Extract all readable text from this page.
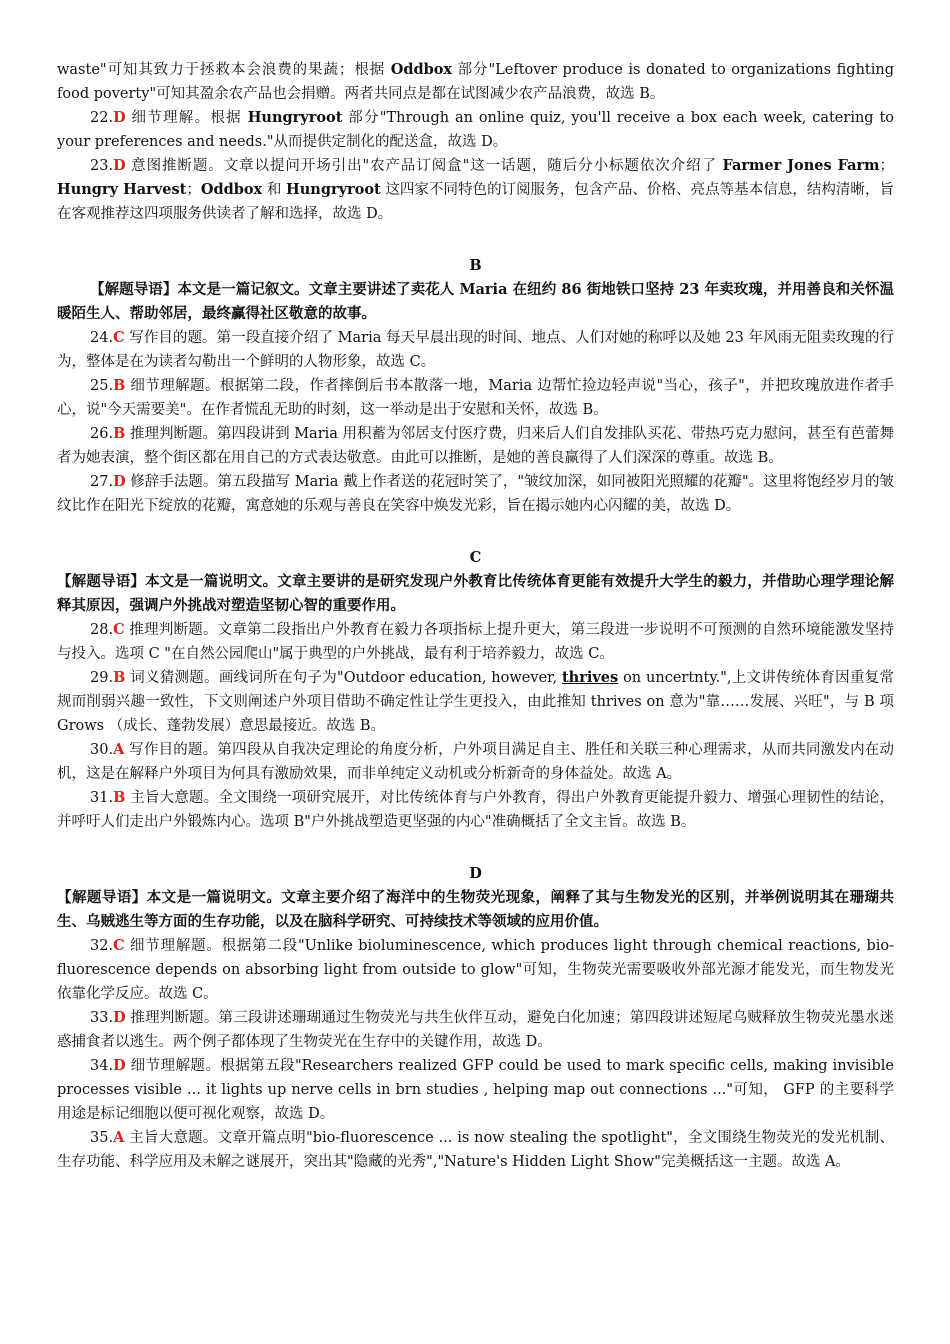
waste"可知其致力于拯救本会浪费的果蔬；根据 Oddbox 部分"Leftover produce is donated to organizations fighting food poverty"可知其盈余农产品也会捐赠。两者共同点是都在试图减少农产品浪费，故选 B。

22.D 细节理解。根据 Hungryroot 部分"Through an online quiz, you'll receive a box each week, catering to your preferences and needs."从而提供定制化的配送盒，故选 D。

23.D 意图推断题。文章以提问开场引出"农产品订阅盒"这一话题，随后分小标题依次介绍了 Farmer Jones Farm；Hungry Harvest；Oddbox 和 Hungryroot 这四家不同特色的订阅服务，包含产品、价格、亮点等基本信息，结构清晰，旨在客观推荐这四项服务供读者了解和选择，故选 D。

B

【解题导语】本文是一篇记叙文。文章主要讲述了卖花人 Maria 在纽约 86 街地铁口坚持 23 年卖玫瑰，并用善良和关怀温暖陌生人、帮助邻居，最终赢得社区敬意的故事。

24.C 写作目的题。第一段直接介绍了 Maria 每天早晨出现的时间、地点、人们对她的称呼以及她 23 年风雨无阻卖玫瑰的行为，整体是在为读者勾勒出一个鲜明的人物形象，故选 C。

25.B 细节理解题。根据第二段，作者摔倒后书本散落一地，Maria 边帮忙捡边轻声说"当心，孩子"，并把玫瑰放进作者手心，说"今天需要美"。在作者慌乱无助的时刻，这一举动是出于安慰和关怀，故选 B。

26.B 推理判断题。第四段讲到 Maria 用积蓄为邻居支付医疗费，归来后人们自发排队买花、带热巧克力慰问，甚至有芭蕾舞者为她表演，整个街区都在用自己的方式表达敬意。由此可以推断，是她的善良赢得了人们深深的尊重。故选 B。

27.D 修辞手法题。第五段描写 Maria 戴上作者送的花冠时笑了，"皱纹加深，如同被阳光照耀的花瓣"。这里将饱经岁月的皱纹比作在阳光下绽放的花瓣，寓意她的乐观与善良在笑容中焕发光彩，旨在揭示她内心闪耀的美，故选 D。

C

【解题导语】本文是一篇说明文。文章主要讲的是研究发现户外教育比传统体育更能有效提升大学生的毅力，并借助心理学理论解释其原因，强调户外挑战对塑造坚韧心智的重要作用。

28.C 推理判断题。文章第二段指出户外教育在毅力各项指标上提升更大，第三段进一步说明不可预测的自然环境能激发坚持与投入。选项 C "在自然公园爬山"属于典型的户外挑战，最有利于培养毅力，故选 C。

29.B 词义猜测题。画线词所在句子为"Outdoor education, however, thrives on uncertnty.",上文讲传统体育因重复常规而削弱兴趣一致性，下文则阐述户外项目借助不确定性让学生更投入，由此推知 thrives on 意为"靠……发展、兴旺"，与 B 项 Grows （成长、蓬勃发展）意思最接近。故选 B。

30.A 写作目的题。第四段从自我决定理论的角度分析，户外项目满足自主、胜任和关联三种心理需求，从而共同激发内在动机，这是在解释户外项目为何具有激励效果，而非单纯定义动机或分析新奇的身体益处。故选 A。

31.B 主旨大意题。全文围绕一项研究展开，对比传统体育与户外教育，得出户外教育更能提升毅力、增强心理韧性的结论，并呼吁人们走出户外锻炼内心。选项 B"户外挑战塑造更坚强的内心"准确概括了全文主旨。故选 B。

D

【解题导语】本文是一篇说明文。文章主要介绍了海洋中的生物荧光现象，阐释了其与生物发光的区别，并举例说明其在珊瑚共生、乌贼逃生等方面的生存功能，以及在脑科学研究、可持续技术等领域的应用价值。

32.C 细节理解题。根据第二段"Unlike bioluminescence, which produces light through chemical reactions, bio-fluorescence depends on absorbing light from outside to glow"可知，生物荧光需要吸收外部光源才能发光，而生物发光依靠化学反应。故选 C。

33.D 推理判断题。第三段讲述珊瑚通过生物荧光与共生伙伴互动，避免白化加速；第四段讲述短尾乌贼释放生物荧光墨水迷惑捕食者以逃生。两个例子都体现了生物荧光在生存中的关键作用，故选 D。

34.D 细节理解题。根据第五段"Researchers realized GFP could be used to mark specific cells, making invisible processes visible ... it lights up nerve cells in brn studies , helping map out connections ..."可知， GFP 的主要科学用途是标记细胞以便可视化观察，故选 D。

35.A 主旨大意题。文章开篇点明"bio-fluorescence ... is now stealing the spotlight"，全文围绕生物荧光的发光机制、生存功能、科学应用及未解之谜展开，突出其"隐藏的光秀","Nature's Hidden Light Show"完美概括这一主题。故选 A。
